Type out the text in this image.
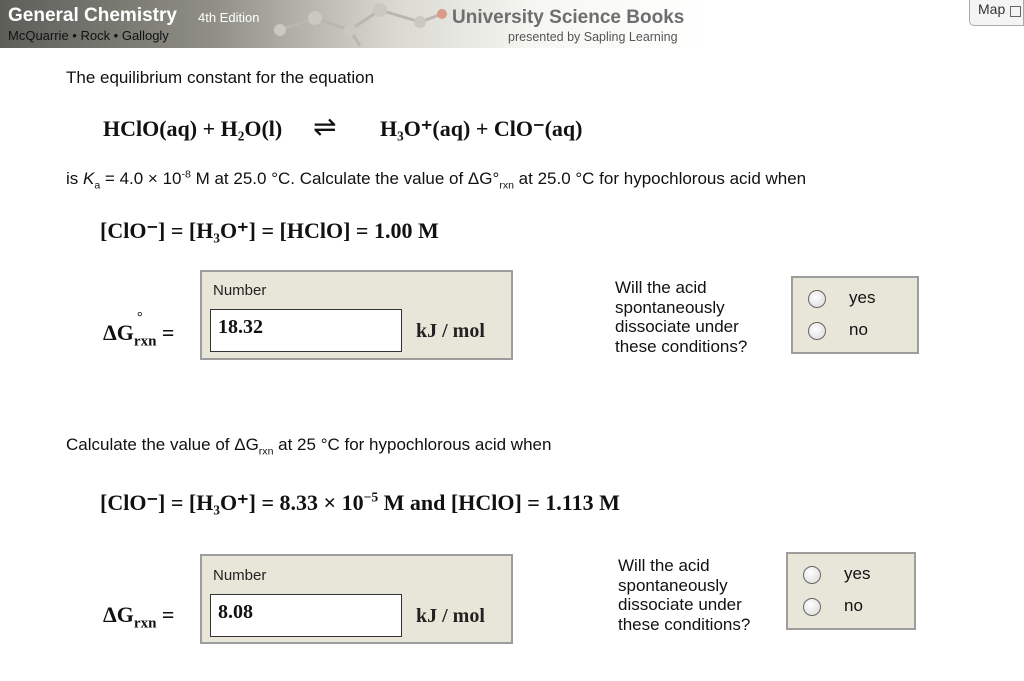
General Chemistry 4th Edition
McQuarrie • Rock • Gallogly
University Science Books
presented by Sapling Learning
Map
The equilibrium constant for the equation
HClO(aq) + H₂O(l) ⇌ H₃O⁺(aq) + ClO⁻(aq)
is $K_a = 4.0 \times 10^{-8}$ M at 25.0 °C. Calculate the value of $\Delta G^\circ_{rxn}$ at 25.0 °C for hypochlorous acid when
[ClO⁻] = [H₃O⁺] = [HClO] = 1.00 M
$\Delta G_{rxn}$
°
=
Number
18.32	kJ / mol
Will the acid
spontaneously
dissociate under
these conditions?
yes
no
Calculate the value of $\Delta G_{rxn}$ at 25 °C for hypochlorous acid when
$[ClO^-] = [H_3O^+] = 8.33 \times 10^{-5}$ M and [HClO] = 1.113 M
$\Delta G_{rxn}$ =
Number
8.08	kJ / mol
Will the acid
spontaneously
dissociate under
these conditions?
yes
no
